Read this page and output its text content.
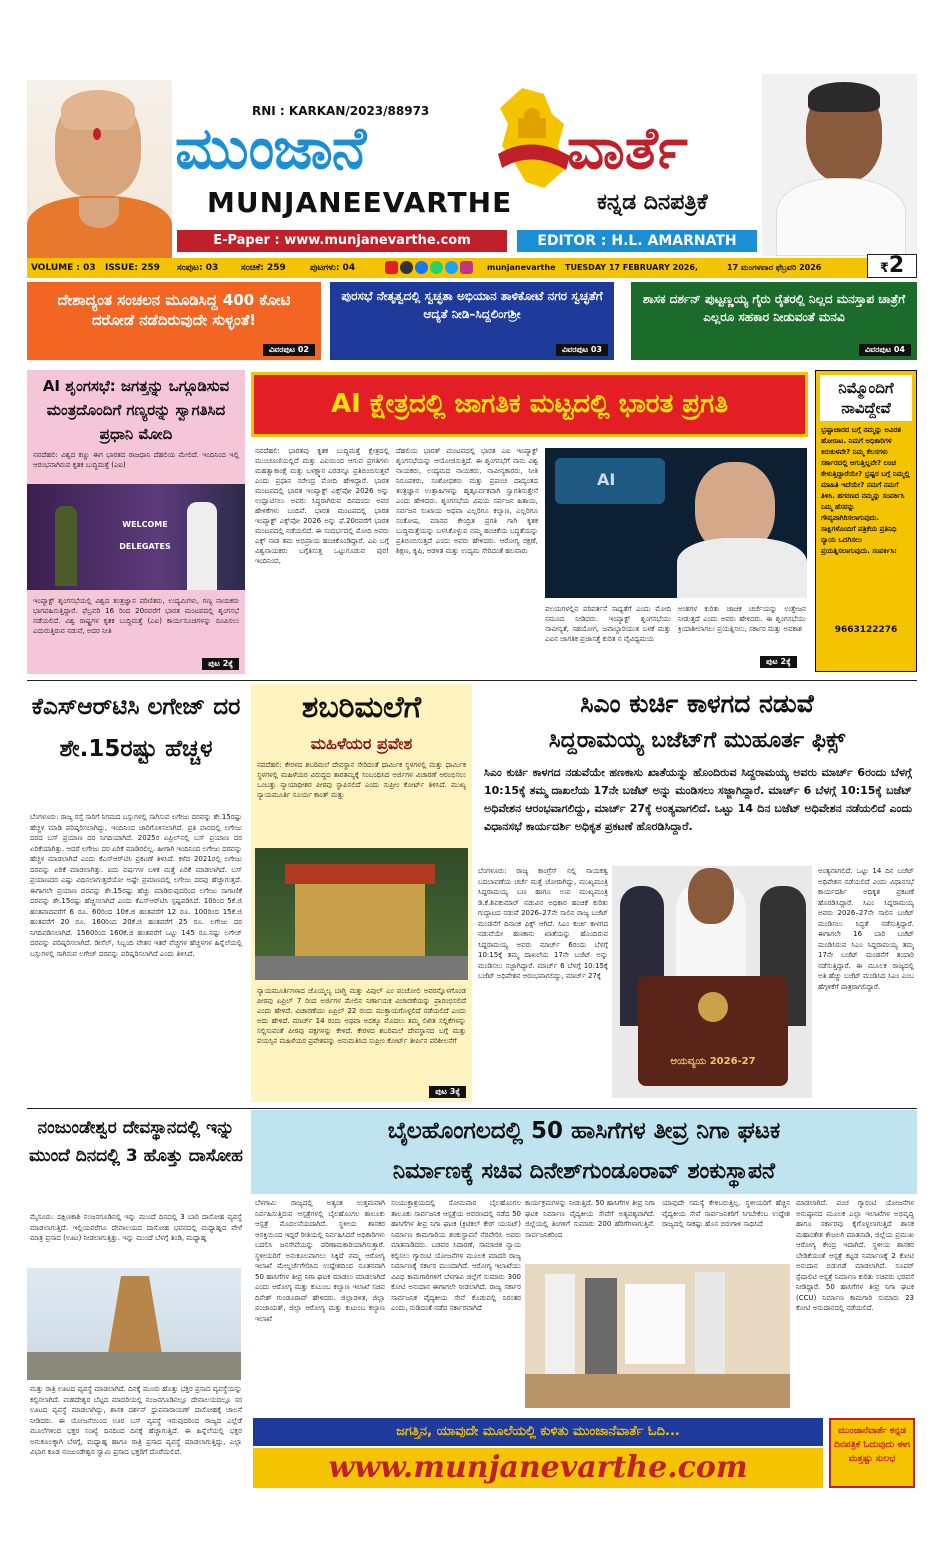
RNI : KARKAN/2023/88973
ಮುಂಜಾನೆ	ವಾರ್ತೆ
MUNJANEEVARTHE	ಕನ್ನಡ ದಿನಪತ್ರಿಕೆ
E-Paper : www.munjanevarthe.com	EDITOR : H.L. AMARNATH
VOLUME : 03 ISSUE: 259 ಸಂಪುಟ: 03	ಸಂಚಿಕೆ: 259	ಪುಟಗಳು: 04	munjanevarthe TUESDAY 17 FEBRUARY 2026,	17 ಮಂಗಳವಾರ ಫೆಬ್ರವರಿ 2026	₹2
ದೇಶಾದ್ಯಂತ ಸಂಚಲನ ಮೂಡಿಸಿದ್ದ 400 ಕೋಟಿ ದರೋಡೆ ನಡೆದಿರುವುದೇ ಸುಳ್ಳಂತೆ!
ವಿವರಪುಟ 02
ಪುರಸಭೆ ನೇತೃತ್ವದಲ್ಲಿ ಸ್ವಚ್ಛತಾ ಅಭಿಯಾನ ತಾಳಿಕೋಟೆ ನಗರ ಸ್ವಚ್ಛತೆಗೆ ಆದ್ಯತೆ ನೀಡಿ–ಸಿದ್ದಲಿಂಗಶ್ರೀ
ವಿವರಪುಟ 03
ಶಾಸಕ ದರ್ಶನ್ ಪುಟ್ಟಣ್ಣಯ್ಯ ಗೈರು ರೈತರಲ್ಲಿ ನಿಲ್ಲದ ಮನಸ್ತಾಪ ಚಾತ್ರೆಗೆ ಎಲ್ಲರೂ ಸಹಕಾರ ನೀಡುವಂತೆ ಮನವಿ
ವಿವರಪುಟ 04
AI ಶೃಂಗಸಭೆ: ಜಗತ್ತನ್ನು ಒಗ್ಗೂಡಿಸುವ ಮಂತ್ರದೊಂದಿಗೆ ಗಣ್ಯರನ್ನು ಸ್ವಾಗತಿಸಿದ ಪ್ರಧಾನಿ ಮೋದಿ
ನವದೆಹಲಿ: ವಿಶ್ವದ ಕಣ್ಣು ಈಗ ಭಾರತದ ರಾಜಧಾನಿ ದೆಹಲಿಯ ಮೇಲಿದೆ. ಇಂದಿನಿಂದ ಇಲ್ಲಿ ಆರಂಭವಾಗಿರುವ ಕೃತಕ ಬುದ್ಧಿಮತ್ತೆ (ಎಐ)
WELCOME DELEGATES
ಇಂಪ್ಯಾಕ್ಟ್ ಶೃಂಗಸಭೆಯಲ್ಲಿ ವಿಶ್ವದ ತಂತ್ರಜ್ಞಾನ ಪರಿಣಿತರು, ಉದ್ಯಮಿಗಳು, ಗಣ್ಯ ನಾಯಕರು ಭಾಗವಹಿಸುತ್ತಿದ್ದಾರೆ. ಫೆಬ್ರವರಿ 16 ರಿಂದ 20ರವರೆಗೆ ಭಾರತ ಮಂಟಪದಲ್ಲಿ ಶೃಂಗಸಭೆ ನಡೆಯಲಿದೆ. ವಿಶ್ವ ರಾಷ್ಟ್ರಗಳ ಕೃತಕ ಬುದ್ಧಿಮತ್ತೆ (ಎಐ) ಕಾರ್ಯಸೂಚಿಗಳನ್ನು ರೂಪಿಸಲು ಎದುರುತ್ತಿರುವ ನಡುವೆ, ಅದರ ನೀತಿ
ಪುಟ 2ಕ್ಕೆ
AI ಕ್ಷೇತ್ರದಲ್ಲಿ ಜಾಗತಿಕ ಮಟ್ಟದಲ್ಲಿ ಭಾರತ ಪ್ರಗತಿ
ನವದೆಹಲಿ: ಭಾರತವು ಕೃತಕ ಬುದ್ಧಿಮತ್ತೆ ಕ್ಷೇತ್ರದಲ್ಲಿ ಮುಂಚೂಣಿಯಲ್ಲಿದೆ ಮತ್ತು ಎಐಯಿಂದ ಆಗುವ ಪ್ರಗತಿಗಳು ಮಹತ್ವಾಕಾಂಕ್ಷೆ ಮತ್ತು ಬಳಕ್ಷ್ಮಾನ ಎರಡನ್ನೂ ಪ್ರತಿಬಿಂಬಿಸುತ್ತವೆ ಎಂದು ಪ್ರಧಾನ ನರೇಂದ್ರ ಮೋದಿ ಹೇಳಿದ್ದಾರೆ. ಭಾರತ ಮಂಟಪದಲ್ಲಿ ಭಾರತ ಇಂಪ್ಯಾಕ್ಟ್ ಎಕ್ಸ್‌ಪೋ 2026 ಅನ್ನು ಉದ್ಘಾಟಿಸಲು ಅವರು ಸಿದ್ಧರಾಗಿರುವ ದಿನದಂದು ಅವರ ಹೇಳಿಕೆಗಳು ಬಂದಿವೆ. ಭಾರತ ಮಂಟಪದಲ್ಲಿ ಭಾರತ ಇಂಪ್ಯಾಕ್ಟ್ ಎಕ್ಸ್‌ಪೋ 2026 ಅನ್ನು ಫೆ.20ರವರೆಗೆ ಭಾರತ ಮಂಟಪದಲ್ಲಿ ನಡೆಯಲಿದೆ. ಈ ಸಂದರ್ಭದಲ್ಲಿ ಮೋದಿ ಅವರು ಎಕ್ಸ್ ನಾಡ ತಮ ಅಭಿಪ್ರಾಯ ಹಂಚಿಕೊಂಡಿದ್ದಾರೆ. ಎಐ ಬಗ್ಗೆ ವಿಶ್ವನಾಯಕರು ಬಗ್ಗೆತಿಸುತ್ತ ಒಟ್ಟುಗೂಡುವ ಪುರ! ಇಂದಿನಿಂದ,
ದೆಹಲಿಯ ಭಾರತ್ ಮಂಟಪದಲ್ಲಿ ಭಾರತ ಎಐ ಇಂಪ್ಯಾಕ್ಟ್ ಶೃಂಗಸಭೆಯನ್ನು ಆಯೋಜಿಸುತ್ತಿದೆ. ಈ ಶೃಂಗಸಭೆಗೆ ನಾನು ವಿಶ್ವ ನಾಯಕರು, ಉದ್ಯಮದ ನಾಯಕರು, ನಾವೀನ್ಯಕಾರರು, ನೀತಿ ನಿರೂಪಕರು, ಸಂಶೋಧಕರು ಮತ್ತು ಪ್ರಪಂಚ ದಾದ್ಯಂತದ ತಂತ್ರಜ್ಞಾನ ಉತ್ಸಾಹಿಗಳನ್ನು ಹೃತ್ಪೂರ್ವಕವಾಗಿ ಸ್ವಾಗತಿಸುತ್ತೇನೆ ಎಂದು ಹೇಳಿದರು. ಶೃಂಗಸಭೆಯ ವಿಷಯ ಸರ್ವಜನ ಹಿತಾಯ, ಸರ್ವಜನ ಸುಖಾಯ ಅಥವಾ ಎಲ್ಲರಿಗೂ ಕಲ್ಯಾಣ, ಎಲ್ಲರಿಗೂ ಸಂತೋಷ, ಮಾನವ ಕೇಂದ್ರಿತ ಪ್ರಗತಿ ಗಾಗಿ ಕೃತಕ ಬುದ್ಧಿಮತ್ತೆಯನ್ನು ಬಳಸಿಕೊಳ್ಳುವ ನಮ್ಮ ಹಂಚಿಕೆಯ ಬದ್ಧತೆಯನ್ನು ಪ್ರತಿಬಿಂಬಿಸುತ್ತದೆ ಎಂದು ಅವರು ಹೇಳಿದರು. ಆರೋಗ್ಯ ರಕ್ಷಣೆ, ಶಿಕ್ಷಣ, ಕೃಷಿ, ಆಡಳಿತ ಮತ್ತು ಉದ್ಯಮ ಸೇರಿದಂತೆ ಹಲವಾರು
AI
ವಲಯಗಳಲ್ಲಿನ ಪರಿವರ್ತನೆ ಸಾಧ್ಯತೆಗೆ ಎಂದು ಮೋದಿ ನಮೂದ ನೀಡಿದರು. ಇಂಪ್ಯಾಕ್ಟ್ ಶೃಂಗಸಭೆಯು ನಾವೀನ್ಯತೆ, ಸಹಯೋಗ, ಜವಾಬ್ದಾರಿಯುತ ಬಳಕೆ ಮತ್ತು ಎಐನ ಜಾಗತಿಕ ಪ್ರಜಾಸತ್ತೆ ಕುರಿತ ನ ವೈವಿಧ್ಯಮಯ
ಅಂಶಗಳ ಕುರಿತು ಚಾಚಿಕ ಚರ್ಚೆಯನ್ನು ಉತ್ತೇಜನ ನೀಡುತ್ತದೆ ಎಂದು ಅವರು ಹೇಳಿದರು. ಈ ಶೃಂಗಸಭೆಯು ಕ್ರಿಯಾಶೀಲಾಗಲು ಪ್ರಯತ್ನಿಸಲು, ಸರ್ಕಾರ ಮತ್ತು ಅವಕಾಶ
ಪುಟ 2ಕ್ಕೆ
ನಿಮ್ಮೊಂದಿಗೆ ನಾವಿದ್ದೇವೆ
ಭ್ರಷ್ಟಾಚಾರದ ಬಗ್ಗೆ ನಮ್ಮನ್ನು ಅವಿರತ ಹೋರಾಟ. ನಿಮಗೆ ಅಧಿಕಾರಿಗಳ ಕಿರುಕುಳವೇ? ನಿಮ್ಮ ಕೆಲಸಗಳು ಸರ್ಕಾರದಲ್ಲಿ ಆಗುತ್ತಿಲ್ಲವೇ? ಲಂಚ ಕೇಳುತ್ತಿದ್ದಾರೆಯೇ? ಭ್ರಷ್ಟರ ಬಗ್ಗೆ ನಿಮ್ಮಲ್ಲಿ ಮಾಹಿತಿ ಇದೆಯೇ? ನಮಗೆ ನಮಗೆ ತಿಳಿಸಿ. ಹಗರಣದ ನಮ್ಮನ್ನು ಸಂಪರ್ಕಿಸಿ ನಿಮ್ಮ ಹೆಸರನ್ನು ಗೌಪ್ಯವಾಗಿರಿಸಲಾಗುವುದು. ಸಾಕ್ಷಿಗಳೊಂದಿಗೆ ಪತ್ರಿಕೆಯ ಪ್ರತಿನಿಧಿ ನ್ಯಾಯ ಒದಗಿಸಲು ಪ್ರಯತ್ನಿಸಲಾಗುವುದು. ಸಂಪರ್ಕಿಸಿ:
9663122276
ಕೆಎಸ್‌ಆರ್‌ಟಿಸಿ ಲಗೇಜ್ ದರ ಶೇ.15ರಷ್ಟು ಹೆಚ್ಚಳ
ಬೆಂಗಳೂರು: ರಾಜ್ಯ ರಸ್ತೆ ಸಾರಿಗೆ ನಿಗಮದ ಬಸ್ಸುಗಳಲ್ಲಿ ಸಾಗಿಸುವ ಲಗೇಜು ದರವನ್ನು ಶೇ.15ರಷ್ಟು ಹೆಚ್ಚಳ ಮಾಡಿ ಪರಿಷ್ಕರಿಸಲಾಗಿದ್ದು, ಇಂದಿನಿಂದ ಜಾರಿಗೊಳಿಸಲಾಗಿದೆ. ಪ್ರತಿ ವಾರದಲ್ಲಿ ಲಗೇಜು ದರದ ಬಸ್ ಪ್ರಯಾಣ ದರ ನಿಗದಿಯಾಗಿದೆ. 2025ರ ಏಪ್ರಿಲ್‌ನಲ್ಲಿ ಬಸ್ ಪ್ರಯಾಣ ದರ ಏರಿಕೆಯಾಗಿತ್ತು. ಆದರೆ ಲಗೇಜು ದರ ಏರಿಕೆ ಮಾಡಿರಲಿಲ್ಲ. ಹೀಗಾಗಿ ಇಂದಿನಿಂದ ಲಗೇಜು ದರವನ್ನು ಹೆಚ್ಚಳ ಮಾಡಲಾಗಿದೆ ಎಂದು ಕೆಎಸ್‌ಆರ್‌ಟಿಸಿ ಪ್ರಕಟಣೆ ತಿಳಿಸಿದೆ. ಕಳೆದ 2021ರಲ್ಲಿ ಲಗೇಜು ದರವನ್ನು ಏರಿಕೆ ಮಾಡಲಾಗಿತ್ತು. ಐದು ವರ್ಷಗಳ ಬಳಿಕ ಮತ್ತೆ ಏರಿಕೆ ಮಾಡಲಾಗಿದೆ. ಬಸ್ ಪ್ರಯಾಣದರ ಎಷ್ಟು ವಿಧಿಸಲಾಗುತ್ತದೆಯೋ ಅಷ್ಟೇ ಪ್ರಮಾಣದಲ್ಲಿ ಲಗೇಜು ದರವು ಹೆಚ್ಚಾಗುತ್ತದೆ. ಈಗಾಗಲೇ ಪ್ರಯಾಣ ದರವನ್ನು ಶೇ.15ರಷ್ಟು ಹೆಚ್ಚು ಮಾಡಿರುವುದರಿಂದ ಲಗೇಜು ಸಾಗಾಣಿಕೆ ದರವನ್ನು ಶೇ.15ರಷ್ಟು ಹೆಚ್ಚಿಸಲಾಗಿದೆ ಎಂದು ಕೆಎಸ್‌ಆರ್‌ಟಿಸಿ ಸ್ಪಷ್ಟಪಡಿಸಿದೆ. 10ರಿಂದ 5ಕೆ.ಜಿ ಹಂತವಾದವರೆಗೆ 6 ರೂ. 60ರಿಂದ 10ಕೆ.ಜಿ ಹಂತವರೆಗೆ 12 ರೂ. 100ರಿಂದ 15ಕೆ.ಜಿ ಹಂತವರೆಗೆ 20 ರೂ. 160ರಿಂದ 20ಕೆ.ಜಿ ಹಂತವರೆಗೆ 25 ರೂ. ಲಗೇಜು ದರ ನಿಗದಿಪಡಿಸಲಾಗಿದೆ. 1560ರಿಂದ 160ಕೆ.ಜಿ ಹಂತವರೆಗೆ ಒಟ್ಟು 145 ರೂ.ನಷ್ಟು ಲಗೇಜ್ ದರವನ್ನು ಪರಿಷ್ಕರಿಸಲಾಗಿದೆ. ಡೀಸೆಲ್, ಸಿಬ್ಬಂದಿ ವೇತನ ಇತರೆ ವೆಚ್ಚಗಳ ಹೆಚ್ಚಳಗಳ ಹಿನ್ನೆಲೆಯಲ್ಲಿ ಬಸ್ಸುಗಳಲ್ಲಿ ಸಾಗಿಸುವ ಲಗೇಜ್ ದರವನ್ನು ಪರಿಷ್ಕರಿಸಲಾಗಿದೆ ಎಂದು ತಿಳಿಸಿದೆ.
ಶಬರಿಮಲೆಗೆ
ಮಹಿಳೆಯರ ಪ್ರವೇಶ
ನವದೆಹಲಿ: ಕೇರಳದ ಶಬರಿಮಲೆ ದೇವಸ್ಥಾನ ಸೇರಿದಂತೆ ಧಾರ್ಮಿಕ ಸ್ಥಳಗಳಲ್ಲಿ ಮತ್ತು ಧಾರ್ಮಿಕ ಸ್ಥಳಗಳಲ್ಲಿ ಮಹಿಳೆಯರ ವಿರುದ್ಧದ ತಾರತಮ್ಯಕ್ಕೆ ಸಂಬಂಧಿಸಿದ ಅರ್ಜಿಗಳ ವಿಚಾರಣೆ ಆರಂಭಿಸಲು ಒಂಬತ್ತು ನ್ಯಾಯಾಧೀಶರ ಪೀಠವು ಸ್ಥಾಪಿಸಲಿದೆ ಎಂದು ಸುಪ್ರೀಂ ಕೋರ್ಟ್ ತಿಳಿಸಿದೆ. ಮುಖ್ಯ ನ್ಯಾಯಮೂರ್ತಿ ಸೂರ್ಯ ಕಾಂತ್ ಮತ್ತು
ನ್ಯಾಯಮೂರ್ತಿಗಳಾದ ಜೊಯ್ಮಲ್ಯ ಬಾಗ್ಚಿ ಮತ್ತು ವಿಪುಲ್ ಎಂ ಪಂಚೋಲಿ ಅವರನ್ನೊಳಗೊಂಡ ಪೀಠವು ಏಪ್ರಿಲ್ 7 ರಿಂದ ಅರ್ಜಿಗಳ ಮೇಲಿನ ನಿರ್ಣಾಯಕ ವಿಚಾರಣೆಯನ್ನು ಪ್ರಾರಂಭಿಸಲಿದೆ ಎಂದು ಹೇಳಿದೆ. ವಿಚಾರಣೆಯು ಏಪ್ರಿಲ್ 22 ರಂದು ಮುಕ್ತಾಯಗೊಳ್ಳಲಿದೆ ನಡೆಯಲಿದೆ ಎಂದು ಅದು ಹೇಳಿದೆ. ಮಾರ್ಚ್ 14 ರಂದು ಅಥವಾ ಅದಕ್ಕೂ ಮೊದಲು ತಮ್ಮ ಲಿಖಿತ ಸಲ್ಲಿಕೆಗಳನ್ನು ಸಲ್ಲಿಸುವಂತೆ ಪೀಠವು ಪಕ್ಷಗಳನ್ನು ಕೇಳಿದೆ. ಕೇರಳದ ಶಬರಿಮಲೆ ದೇವಸ್ಥಾನದ ಬಗ್ಗೆ ಮತ್ತು ವಯಸ್ಸಿನ ಮಹಿಳೆಯರ ಪ್ರವೇಶವನ್ನು ಅನುಮತಿಸಿದ ಸುಪ್ರೀಂ ಕೋರ್ಟ್ ತೀರ್ಪಿನ ಪರಿಶೀಲನೆಗೆ
ಪುಟ 3ಕ್ಕೆ
ಸಿಎಂ ಕುರ್ಚಿ ಕಾಳಗದ ನಡುವೆ
ಸಿದ್ದರಾಮಯ್ಯ ಬಜೆಟ್‌ಗೆ ಮುಹೂರ್ತ ಫಿಕ್ಸ್
ಸಿಎಂ ಕುರ್ಚಿ ಕಾಳಗದ ನಡುವೆಯೇ ಹಣಕಾಸು ಖಾತೆಯನ್ನು ಹೊಂದಿರುವ ಸಿದ್ದರಾಮಯ್ಯ ಅವರು ಮಾರ್ಚ್ 6ರಂದು ಬೆಳಗ್ಗೆ 10:15ಕ್ಕೆ ತಮ್ಮ ದಾಖಲೆಯ 17ನೇ ಬಜೆಟ್ ಅನ್ನು ಮಂಡಿಸಲು ಸಜ್ಜಾಗಿದ್ದಾರೆ. ಮಾರ್ಚ್ 6 ಬೆಳಗ್ಗೆ 10:15ಕ್ಕೆ ಬಜೆಟ್ ಅಧಿವೇಶನ ಆರಂಭವಾಗಲಿದ್ದು, ಮಾರ್ಚ್ 27ಕ್ಕೆ ಅಂತ್ಯವಾಗಲಿದೆ. ಒಟ್ಟು 14 ದಿನ ಬಜೆಟ್ ಅಧಿವೇಶನ ನಡೆಯಲಿದೆ ಎಂದು ವಿಧಾನಸಭೆ ಕಾರ್ಯದರ್ಶಿ ಅಧಿಕೃತ ಪ್ರಕಟಣೆ ಹೊರಡಿಸಿದ್ದಾರೆ.
ಬೆಂಗಳೂರು: ರಾಜ್ಯ ಕಾಂಗ್ರೆಸ್ ನಲ್ಲಿ ನಾಯಕತ್ವ ಬದಲಾವಣೆಯ ಚರ್ಚೆ ಮತ್ತೆ ಜೋರಾಗಿದ್ದು, ಮುಖ್ಯಮಂತ್ರಿ ಸಿದ್ದರಾಮಯ್ಯ ಬಣ ಹಾಗೂ ಉಪ ಮುಖ್ಯಮಂತ್ರಿ ಡಿ.ಕೆ.ಶಿವಕುಮಾರ್ ನಡುವಿನ ಅಧಿಕಾರ ಹಂಚಿಕೆ ಕುರಿತು ಗುದ್ದಾಟದ ನಡುವೆ 2026–27ನೇ ಸಾಲಿನ ರಾಜ್ಯ ಬಜೆಟ್ ಮಂಡನೆಗೆ ದಿನಾಂಕ ಫಿಕ್ಸ್ ಆಗಿದೆ. ಸಿಎಂ ಕುರ್ಚಿ ಕಾಳಗದ ನಡುವೆಯೇ ಹಣಕಾಸು ಖಾತೆಯನ್ನು ಹೊಂದಿರುವ ಸಿದ್ದರಾಮಯ್ಯ ಅವರು ಮಾರ್ಚ್ 6ರಂದು ಬೆಳಗ್ಗೆ 10:15ಕ್ಕೆ ತಮ್ಮ ದಾಖಲೆಯ 17ನೇ ಬಜೆಟ್ ಅನ್ನು ಮಂಡಿಸಲು ಸಜ್ಜಾಗಿದ್ದಾರೆ. ಮಾರ್ಚ್ 6 ಬೆಳಗ್ಗೆ 10:15ಕ್ಕೆ ಬಜೆಟ್ ಅಧಿವೇಶನ ಆರಂಭವಾಗಲಿದ್ದು, ಮಾರ್ಚ್ 27ಕ್ಕೆ
ಆಯವ್ಯಯ 2026-27
ಅಂತ್ಯವಾಗಲಿದೆ. ಒಟ್ಟು 14 ದಿನ ಬಜೆಟ್ ಅಧಿವೇಶನ ನಡೆಯಲಿದೆ ಎಂದು ವಿಧಾನಸಭೆ ಕಾರ್ಯದರ್ಶಿ ಅಧಿಕೃತ ಪ್ರಕಟಣೆ ಹೊರಡಿಸಿದ್ದಾರೆ. ಸಿಎಂ ಸಿದ್ದರಾಮಯ್ಯ ಅವರು 2026–27ನೇ ಸಾಲಿನ ಬಜೆಟ್ ಮಂಡಿಸಲು ಸಿದ್ಧತೆ ನಡೆಸುತ್ತಿದ್ದಾರೆ. ಈಗಾಗಲೇ 16 ಬಾರಿ ಬಜೆಟ್ ಮಂಡಿಸಿರುವ ಸಿಎಂ ಸಿದ್ದರಾಮಯ್ಯ ತಮ್ಮ 17ನೇ ಬಜೆಟ್ ಮಂಡನೆಗೆ ತಯಾರಿ ನಡೆಸುತ್ತಿದ್ದಾರೆ. ಈ ಮೂಲಕ ರಾಜ್ಯದಲ್ಲಿ ಅತಿ ಹೆಚ್ಚು ಬಜೆಟ್ ಮಂಡಿಸಿದ ಸಿಎಂ ಎಂಬ ಹೆಗ್ಗಳಿಕೆಗೆ ಪಾತ್ರರಾಗಲಿದ್ದಾರೆ.
ನಂಜುಂಡೇಶ್ವರ ದೇವಸ್ಥಾನದಲ್ಲಿ ಇನ್ನು ಮುಂದೆ ದಿನದಲ್ಲಿ 3 ಹೊತ್ತು ದಾಸೋಹ
ಮೈಸೂರು: ದಕ್ಷಿಣಕಾಶಿ ನಂಜನಗೂಡಿನಲ್ಲಿ ಇನ್ನು ಮುಂದೆ ದಿನದಲ್ಲಿ 3 ಬಾರಿ ದಾಸೋಹ ವ್ಯವಸ್ಥೆ ಮಾಡಲಾಗುತ್ತಿದೆ. ಇಲ್ಲಿಯವರೆಗೂ ದೇವಾಲಯದ ದಾಸೋಹ ಭವನದಲ್ಲಿ ಮಧ್ಯಾಹ್ನದ ವೇಳೆ ಮಾತ್ರ ಪ್ರಸಾದ (ಊಟ) ನೀಡಲಾಗುತ್ತಿತ್ತು. ಇನ್ನು ಮುಂದೆ ಬೆಳಗ್ಗೆ ತಿಂಡಿ, ಮಧ್ಯಾಹ್ನ
ಮತ್ತು ರಾತ್ರಿ ಊಟದ ವ್ಯವಸ್ಥೆ ಮಾಡಲಾಗಿದೆ. ದಿನಕ್ಕೆ ಮೂರು ಹೊತ್ತು ಭಕ್ತರ ಪ್ರಸಾದ ವ್ಯವಸ್ಥೆಯನ್ನು ಕಲ್ಪಿಸಲಾಗಿದೆ. ಮಹದೇಶ್ವರ ಬೆಟ್ಟದ ಮಾದರಿಯಲ್ಲಿ ನಂಜನಗೂಡಿನಲ್ಲೂ ದೇವಾಲಯದಲ್ಲೂ ಸರ ಊಟದ ವ್ಯವಸ್ಥೆ ಮಾಡಲಾಗಿದ್ದು, ಶಾಸಕ ದರ್ಶನ್ ಧ್ರುವನಾರಾಯಣ್ ದಾಸೋಹಕ್ಕೆ ಚಾಲನೆ ನೀಡಿದರು. ಈ ಯೋಜನೆಯಿಂದ ಊರ ಬಸ್ ವ್ಯವಸ್ಥೆ ಇರುವುದರಿಂದ ರಾಜ್ಯದ ಎಲ್ಲೆಡೆ ಮೂಲೆಗಳಿಂದ ಭಕ್ತರ ಸಂಖ್ಯೆ ದಿನದಿಂದ ದಿನಕ್ಕೆ ಹೆಚ್ಚಾಗುತ್ತಿದೆ. ಈ ಹಿನ್ನೆಲೆಯಲ್ಲಿ ಭಕ್ತರ ಅನುಕೂಲಕ್ಕಾಗಿ ಬೆಳಗ್ಗೆ, ಮಧ್ಯಾಹ್ನ ಹಾಗೂ ರಾತ್ರಿ ಪ್ರಸಾದ ವ್ಯವಸ್ಥೆ ಮಾಡಲಾಗುತ್ತಿದ್ದು, ಎಲ್ಲಾ ವಿಭಾಗ ಕೂಡ ನಂಜುಂಡೇಶ್ವರ ಸ್ವಾಮಿ ಪ್ರಸಾದ ಭಕ್ತರಿಗೆ ದೊರೆಯಲಿದೆ.
ಬೈಲಹೊಂಗಲದಲ್ಲಿ 50 ಹಾಸಿಗೆಗಳ ತೀವ್ರ ನಿಗಾ ಘಟಕ
ನಿರ್ಮಾಣಕ್ಕೆ ಸಚಿವ ದಿನೇಶ್‌ಗುಂಡೂರಾವ್ ಶಂಕುಸ್ಥಾಪನೆ
ಬೆಳಗಾವಿ: ರಾಜ್ಯದಲ್ಲಿ ಅತ್ಯಂತ ಉತ್ತಮವಾಗಿ ನಿರ್ವಹಿಸುತ್ತಿರುವ ಆಸ್ಪತ್ರೆಗಳಲ್ಲಿ ಬೈಲಹೊಂಗಲ ತಾಲೂಕು ಆಸ್ಪತ್ರೆ ಮೊದಲನೆಯದಾಗಿದೆ. ಸ್ಥಳೀಯ ಶಾಸಕರ ಆಸಕ್ತಿಯಿಂದ ಇದ್ದರೆ ರೀತಿಯಲ್ಲಿ ನಿರ್ವಹಿಸಿದರೆ ಅಧಿಕಾರಿಗಳು ಬದಲಿಸಿ ಜನಸೇವೆಯನ್ನು ಪರಿಣಾಮಕಾರಿಯಾಗಿಸುತ್ತಾರೆ. ಸ್ಥಳೀಯರಿಗೆ ಅನುಕೂಲವಾಗಲು ಸಿಕ್ಕಿದೆ ನಮ್ಮ ಆರೋಗ್ಯ ಇಲಾಖೆ ಮೇಲ್ದರ್ಜೆಗೇರಿಸಿದ ಉದ್ದೇಶದಿಂದ ನೂತನವಾಗಿ 50 ಹಾಸಿಗೆಗಳ ತೀವ್ರ ನಿಗಾ ಘಟಕ ಮಾಡಲು ಮಾಡಲಾಗಿದೆ ಎಂದು ಆರೋಗ್ಯ ಮತ್ತು ಕುಟುಂಬ ಕಲ್ಯಾಣ ಇಲಾಖೆ ಸಚಿವ ದಿನೇಶ್ ಗುಂಡೂರಾವ್ ಹೇಳಿದರು. ಜಿಲ್ಲಾಡಳಿತ, ಜಿಲ್ಲಾ ಪಂಚಾಯತ್, ಜಿಲ್ಲಾ ಆರೋಗ್ಯ ಮತ್ತು ಕುಟುಂಬ ಕಲ್ಯಾಣ ಇಲಾಖೆ
ಸಂಯುಕ್ತಾಶ್ರಯದಲ್ಲಿ ಸೋಮವಾರ ಬೈಲಹೊಂಗಲ ತಾಲೂಕು ಸಾರ್ವಜನಿಕ ಆಸ್ಪತ್ರೆಯ ಆವರಣದಲ್ಲಿ ನಡೆದ 50 ಹಾಸಿಗೆಗಳ ತೀವ್ರ ನಿಗಾ ಘಟಕ (ಕ್ರಿಟಿಕಲ್ ಕೇರ್ ಯುನಿಟ್) ನಿರ್ಮಾಣ ಕಾಮಗಾರಿಯ ಶಂಕುಸ್ಥಾಪನೆ ನೆರವೇರಿಸಿ ಅವರು ಮಾತನಾಡಿದರು. ಬಡವರ ಸಿದಾರಣೆ, ಸಾಮಾಜಿಕ ನ್ಯಾಯ ಕಲ್ಪಿಸಲು ಗ್ಯಾರಂಟಿ ಯೋಜನೆಗಳ ಮೂಲಕ ಮಾದರಿ ರಾಜ್ಯ ನಿರ್ಮಾಣಕ್ಕೆ ಸರ್ಕಾರ ಮುಂದಾಗಿದೆ. ಆರೋಗ್ಯ ಇಲಾಖೆಯು ವಿವಿಧ ಕಾಮಗಾರಿಗಳಿಗೆ ಬೆಳಗಾವಿ ಜಿಲ್ಲೆಗೆ ಸುಮಾರು 300 ಕೋಟಿ ಅನುದಾನ ಈಗಾಗಲೇ ನೀಡಲಾಗಿದೆ. ರಾಜ್ಯ ಸರ್ಕಾರ ಸಾರ್ವಜನಿಕ ವೈದ್ಯಕೀಯ ಸೇವೆ ಕೊಡುವಲ್ಲಿ ನಿರಂತರ ಎಂದು, ನುಡಿದಂತೆ ನಡೆದ ಸರ್ಕಾರವಾಗಿದೆ
ಕಾರ್ಯಕ್ರಮಗಳನ್ನು ನೀಡುತ್ತಿದೆ. 50 ಹಾಸಿಗೆಗಳ ತೀವ್ರ ನಿಗಾ ಘಟಕ ನಿರ್ಮಾಣ ವೈದ್ಯಕೀಯ ಸೇವೆಗೆ ಅತ್ಯವಶ್ಯವಾಗಿದೆ. ಜಿಲ್ಲೆಯಲ್ಲಿ ತಿಂಗಳಿಗೆ ಸುಮಾರು 200 ಹೆರಿಗೆಗಳಾಗುತ್ತಿವೆ. ಸಾರ್ವಜನಿಕರಿಂದ
ಯಾವುದೇ ಸಮಸ್ಯೆ ಕೇಳಿಬರುತ್ತಿಲ್ಲ. ಸ್ಥಳೀಯರಿಗೆ ಹೆಚ್ಚಿನ ವೈದ್ಯಕೀಯ ಸೇವೆ ಸಾರ್ವಜನಿಕರಿಗೆ ಸಿಗಬೇಕೆಂಬ ಉದ್ದೇಶ ರಾಜ್ಯದಲ್ಲಿ ಸಾಕಷ್ಟು ಹೊಸ ಬಿರುಗಾಳಿ ಸಾಧಿಸಿದೆ
ಮಾಡಲಾಗಿದೆ. ಪಂಚ ಗ್ಯಾರಂಟಿ ಯೋಜನೆಗಳ ಅನುಷ್ಠಾನದ ಮೂಲಕ ಎಲ್ಲಾ ಇಲಾಖೆಗಳ ಅಭಿವೃದ್ಧಿ ಹಾಗೂ ಸರ್ಕಾರವು ಕೈಗೊಳ್ಳಲಾಗುತ್ತಿದೆ ಶಾಸಕ ಮಹಾಂತೇಶ ಕೌಜಲಗಿ ಮಾತನಾಡಿ, ಜಿಲ್ಲೆಯ ಪ್ರಮುಖ ಆರೋಗ್ಯ ಕೇಂದ್ರ ಇದಾಗಿದೆ. ಸ್ಥಳೀಯ ಶಾಸಕರ ಬೇಡಿಕೆಯಂತೆ ಆಸ್ಪತ್ರೆ ಕಟ್ಟಡ ನಿರ್ಮಾಣಕ್ಕೆ 2 ಕೋಟಿ ಅನುದಾನ ಬಿಡುಗಡೆ ಮಾಡಲಾಗಿದೆ. ಸೂಪರ್ ಸ್ಪೆಷಾಲಿಟಿ ಆಸ್ಪತ್ರೆ ನಿರ್ಮಾಣ ಕುರಿತು ಸಚಿವರು ಭರವಸೆ ನೀಡಿದ್ದಾರೆ. 50 ಹಾಸಿಗೆಗಳ ತೀವ್ರ ನಿಗಾ ಘಟಕ (CCU) ನಿರ್ಮಾಣ ಕಾಮಗಾರಿ ಸುಮಾರು 23 ಕೋಟಿ ಅನುದಾನದಲ್ಲಿ ನಡೆಯಲಿದೆ.
ಜಗತ್ತಿನ, ಯಾವುದೇ ಮೂಲೆಯಲ್ಲಿ ಕುಳಿತು ಮುಂಜಾನೆವಾರ್ತೆ ಓದಿ...
www.munjanevarthe.com
ಮುಂಜಾನೆವಾರ್ತೆ ಕನ್ನಡ ದಿನಪತ್ರಿಕೆ ಓದುವುದು ಈಗ ಮತ್ತಷ್ಟು ಸುಲಭ
